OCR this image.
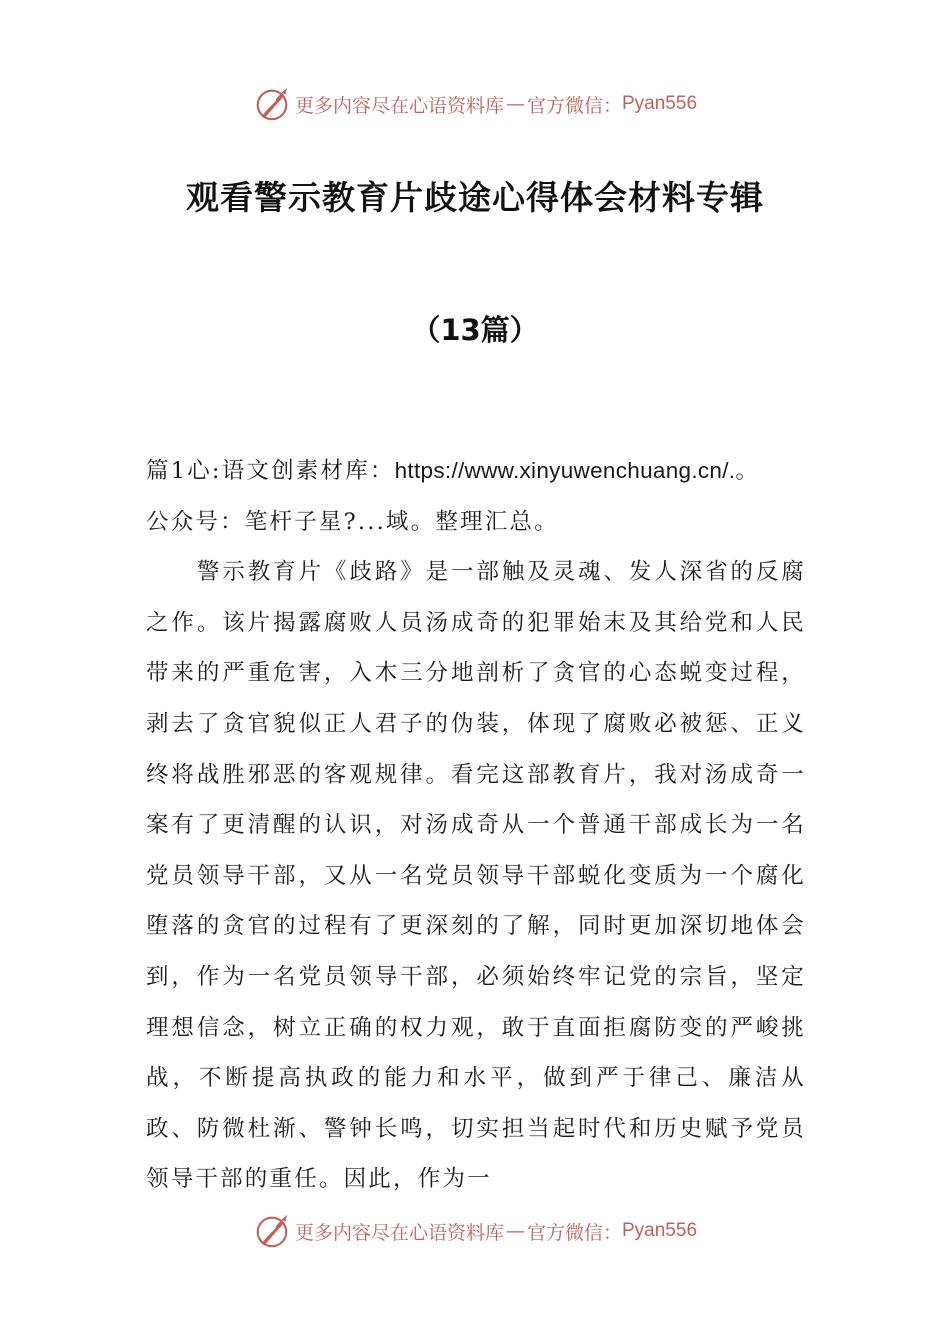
更多内容尽在心语资料库 — 官方微信： Pyan556
观看警示教育片歧途心得体会材料专辑
（13篇）

篇1心:语文创素材库：https://www.xinyuwenchuang.cn/.。

公众号：笔杆子星?...域。整理汇总。

警示教育片《歧路》是一部触及灵魂、发人深省的反腐之作。该片揭露腐败人员汤成奇的犯罪始末及其给党和人民带来的严重危害，入木三分地剖析了贪官的心态蜕变过程，剥去了贪官貌似正人君子的伪装，体现了腐败必被惩、正义终将战胜邪恶的客观规律。看完这部教育片，我对汤成奇一案有了更清醒的认识，对汤成奇从一个普通干部成长为一名党员领导干部，又从一名党员领导干部蜕化变质为一个腐化堕落的贪官的过程有了更深刻的了解，同时更加深切地体会到，作为一名党员领导干部，必须始终牢记党的宗旨，坚定理想信念，树立正确的权力观，敢于直面拒腐防变的严峻挑战，不断提高执政的能力和水平，做到严于律己、廉洁从政、防微杜渐、警钟长鸣，切实担当起时代和历史赋予党员领导干部的重任。因此，作为一

更多内容尽在心语资料库 — 官方微信： Pyan556
